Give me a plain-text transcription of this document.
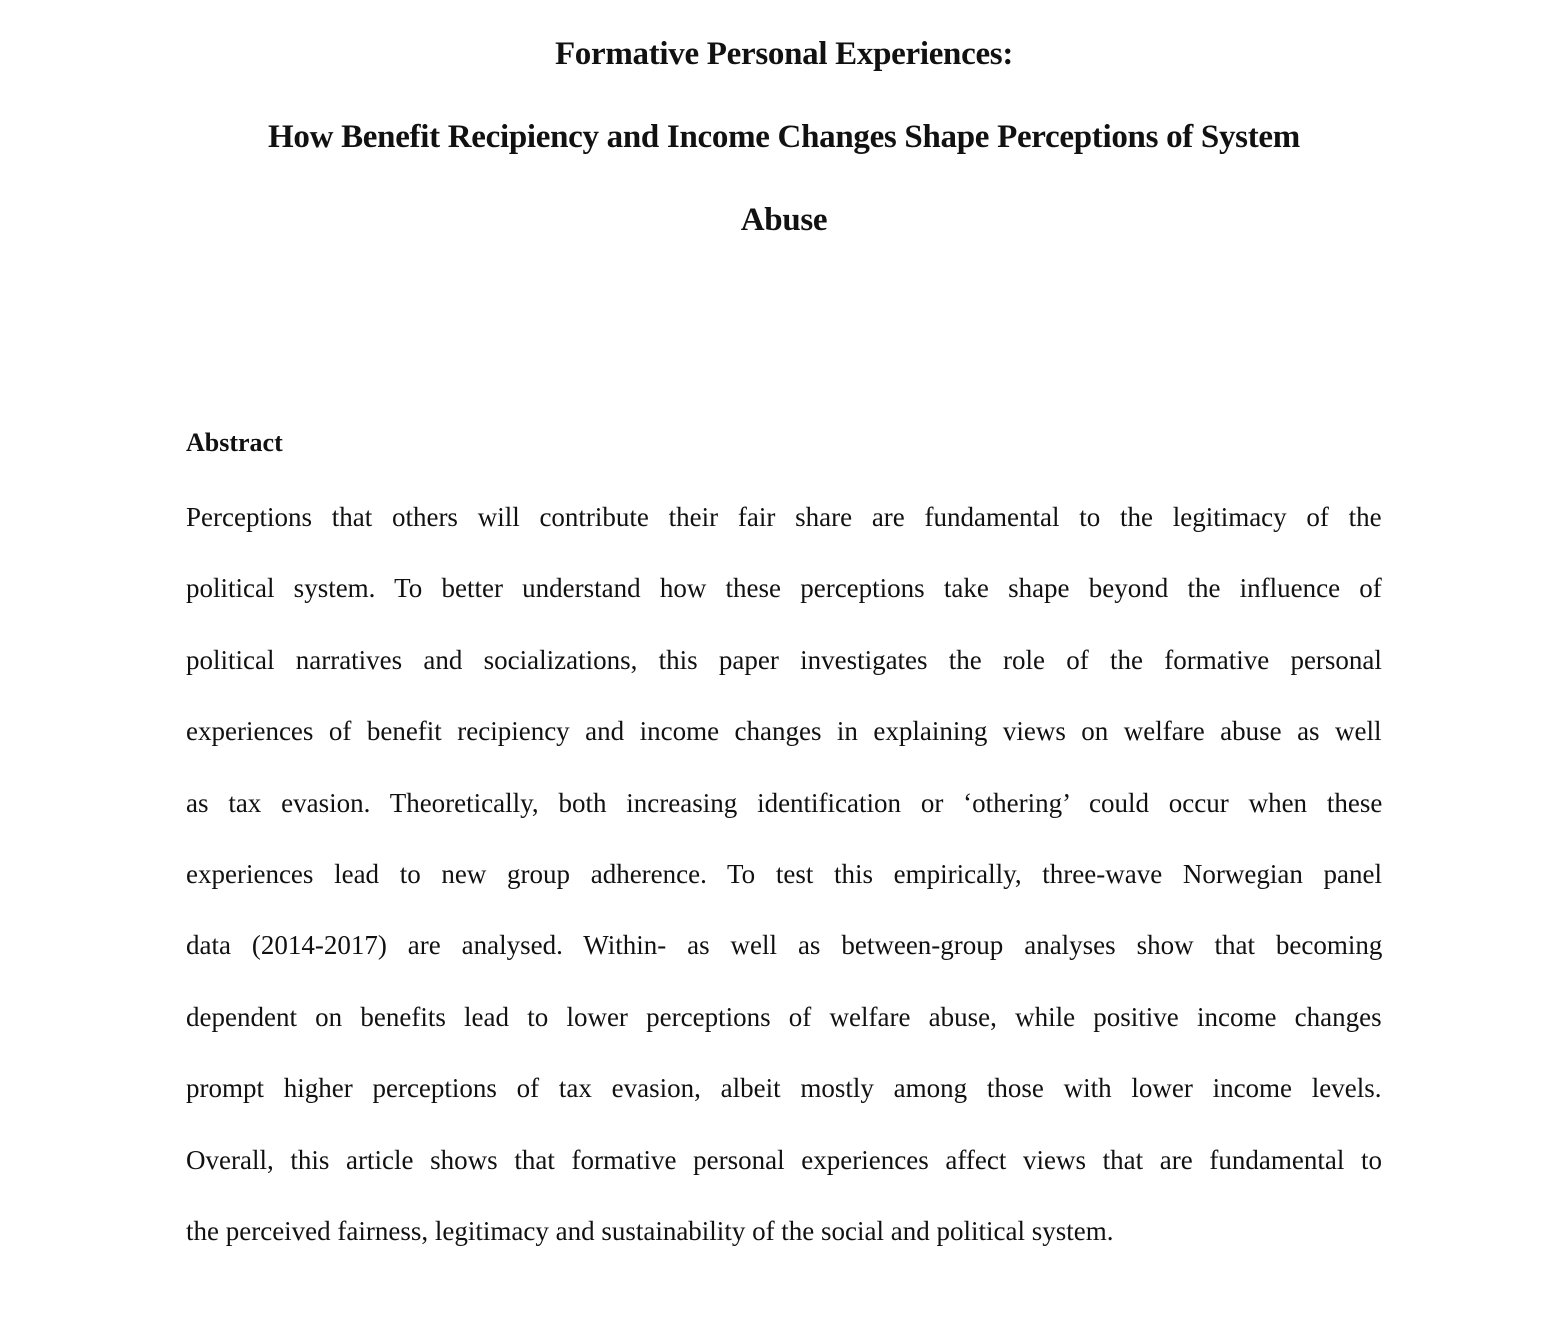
Formative Personal Experiences:
How Benefit Recipiency and Income Changes Shape Perceptions of System
Abuse
Abstract
Perceptions that others will contribute their fair share are fundamental to the legitimacy of the
political system. To better understand how these perceptions take shape beyond the influence of
political narratives and socializations, this paper investigates the role of the formative personal
experiences of benefit recipiency and income changes in explaining views on welfare abuse as well
as tax evasion. Theoretically, both increasing identification or ‘othering’ could occur when these
experiences lead to new group adherence. To test this empirically, three-wave Norwegian panel
data (2014-2017) are analysed. Within- as well as between-group analyses show that becoming
dependent on benefits lead to lower perceptions of welfare abuse, while positive income changes
prompt higher perceptions of tax evasion, albeit mostly among those with lower income levels.
Overall, this article shows that formative personal experiences affect views that are fundamental to
the perceived fairness, legitimacy and sustainability of the social and political system.
